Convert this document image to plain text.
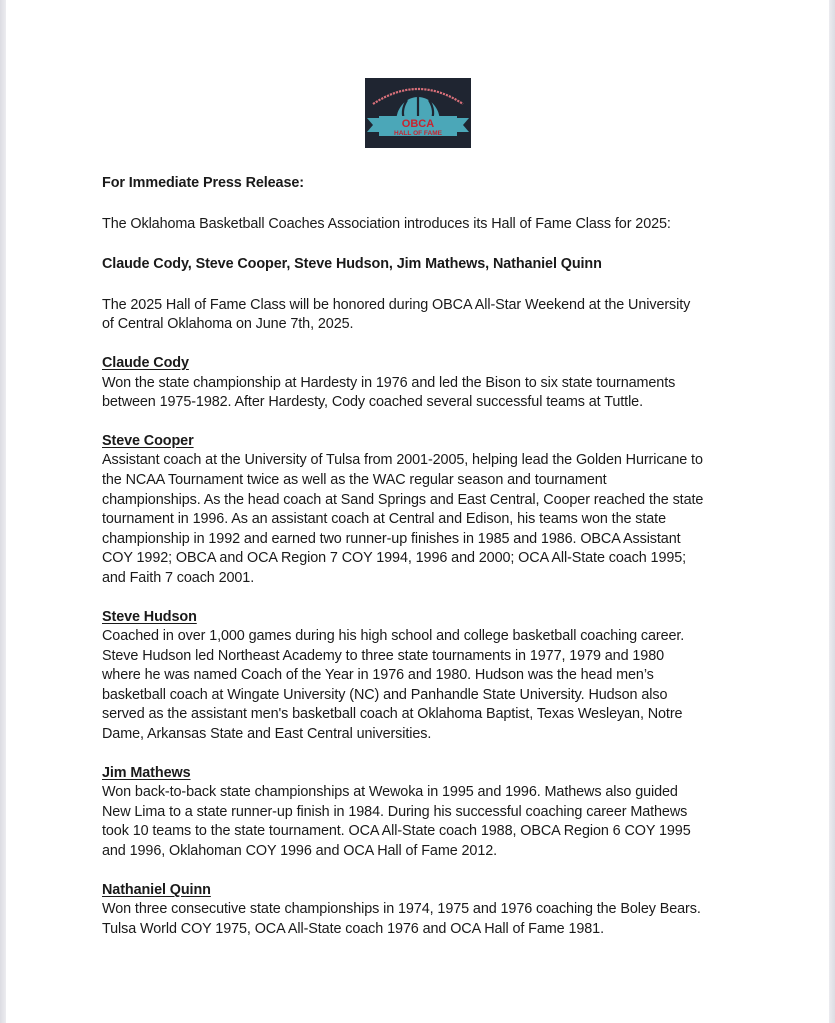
OBCA
HALL OF FAME

For Immediate Press Release:

The Oklahoma Basketball Coaches Association introduces its Hall of Fame Class for 2025:

Claude Cody, Steve Cooper, Steve Hudson, Jim Mathews, Nathaniel Quinn

The 2025 Hall of Fame Class will be honored during OBCA All-Star Weekend at the University
of Central Oklahoma on June 7th, 2025.
Claude Cody
Won the state championship at Hardesty in 1976 and led the Bison to six state tournaments
between 1975-1982. After Hardesty, Cody coached several successful teams at Tuttle.
Steve Cooper
Assistant coach at the University of Tulsa from 2001-2005, helping lead the Golden Hurricane to
the NCAA Tournament twice as well as the WAC regular season and tournament
championships. As the head coach at Sand Springs and East Central, Cooper reached the state
tournament in 1996. As an assistant coach at Central and Edison, his teams won the state
championship in 1992 and earned two runner-up finishes in 1985 and 1986. OBCA Assistant
COY 1992; OBCA and OCA Region 7 COY 1994, 1996 and 2000; OCA All-State coach 1995;
and Faith 7 coach 2001.
Steve Hudson
Coached in over 1,000 games during his high school and college basketball coaching career.
Steve Hudson led Northeast Academy to three state tournaments in 1977, 1979 and 1980
where he was named Coach of the Year in 1976 and 1980. Hudson was the head men’s
basketball coach at Wingate University (NC) and Panhandle State University. Hudson also
served as the assistant men's basketball coach at Oklahoma Baptist, Texas Wesleyan, Notre
Dame, Arkansas State and East Central universities.
Jim Mathews
Won back-to-back state championships at Wewoka in 1995 and 1996. Mathews also guided
New Lima to a state runner-up finish in 1984. During his successful coaching career Mathews
took 10 teams to the state tournament. OCA All-State coach 1988, OBCA Region 6 COY 1995
and 1996, Oklahoman COY 1996 and OCA Hall of Fame 2012.
Nathaniel Quinn
Won three consecutive state championships in 1974, 1975 and 1976 coaching the Boley Bears.
Tulsa World COY 1975, OCA All-State coach 1976 and OCA Hall of Fame 1981.
